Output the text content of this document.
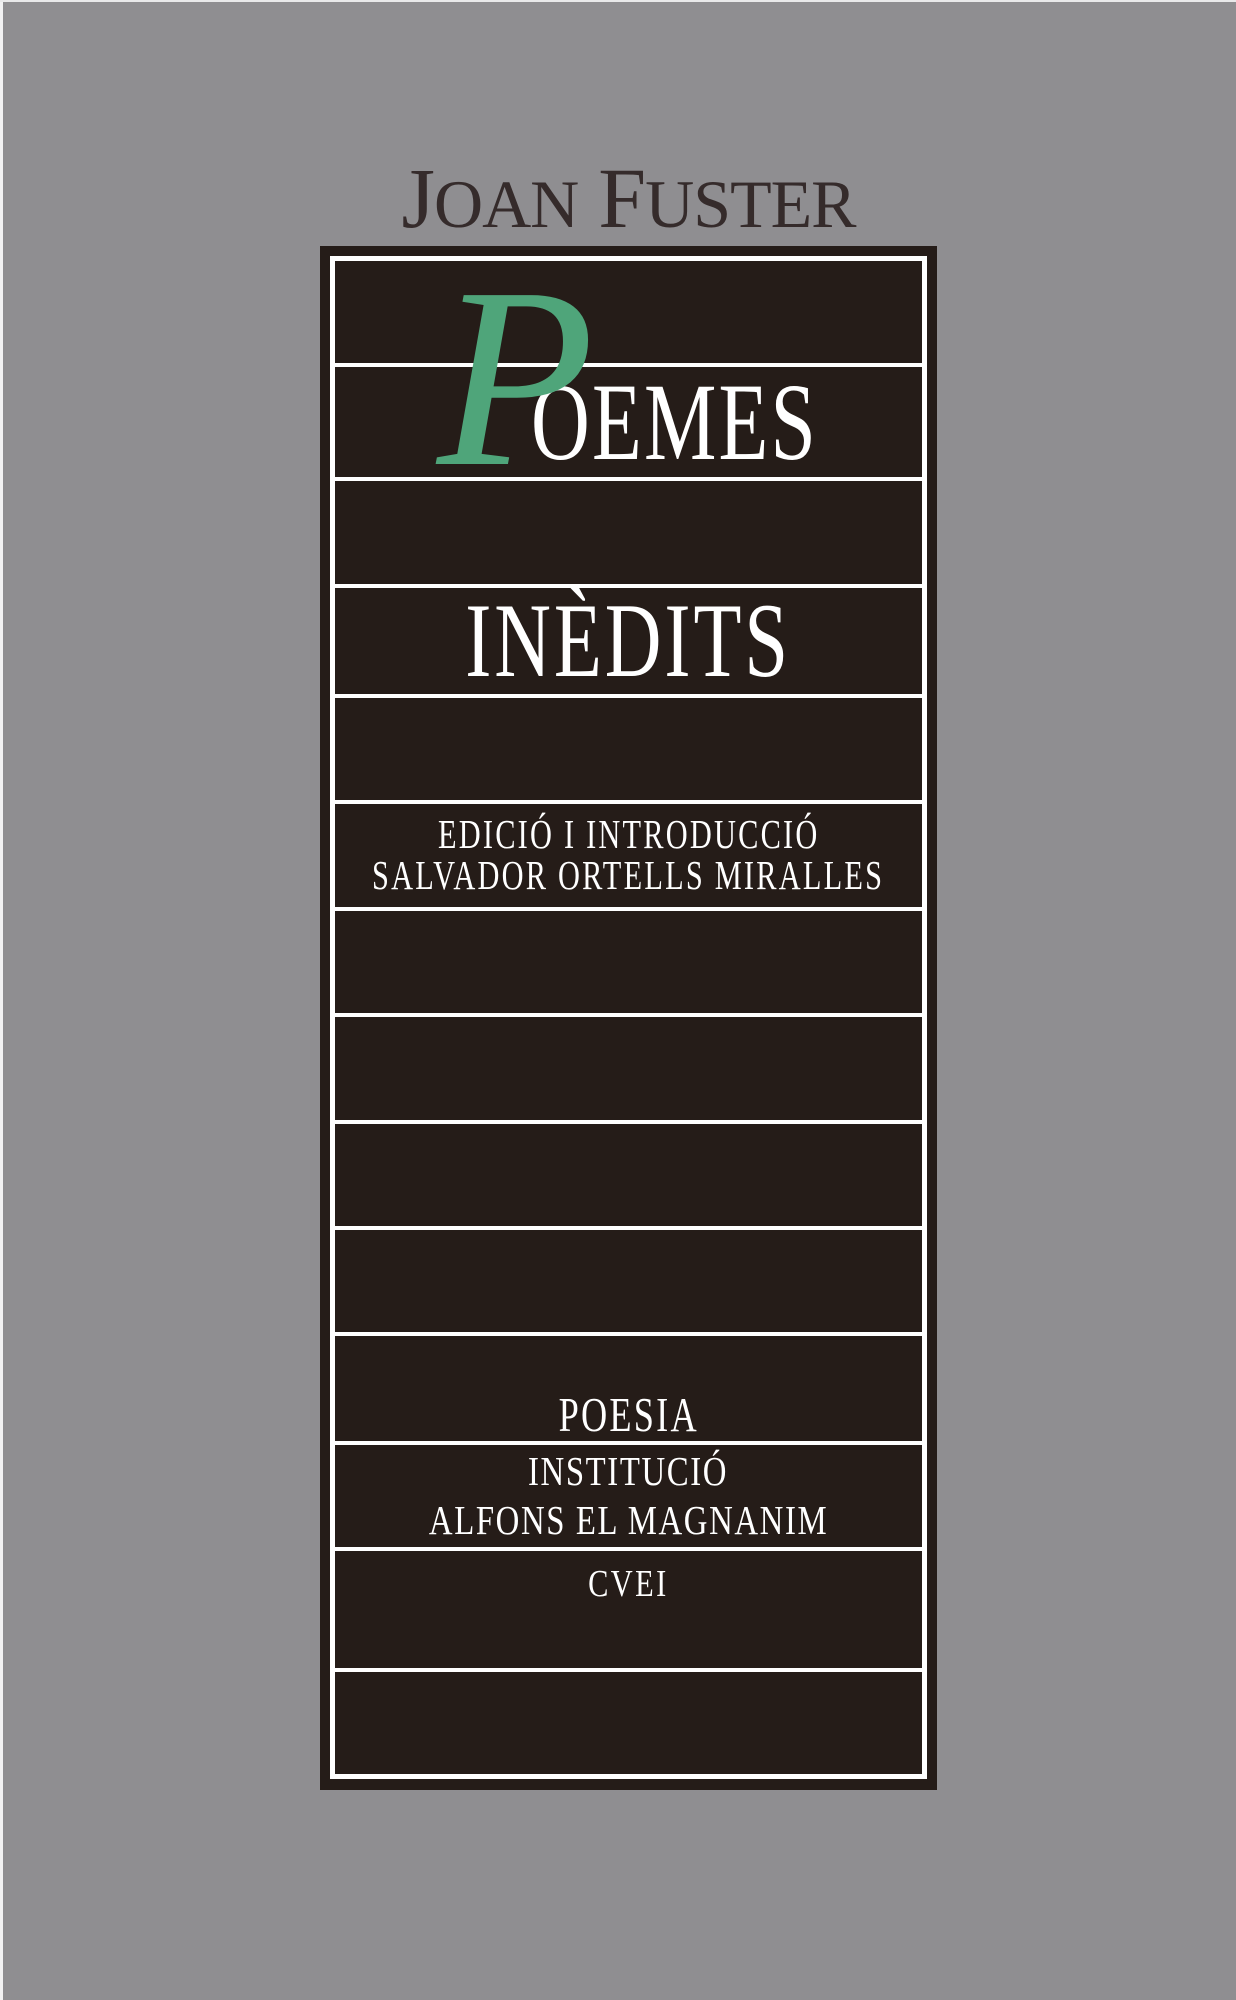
JOAN FUSTER
OEMES
INÈDITS
EDICIÓ I INTRODUCCIÓ
SALVADOR ORTELLS MIRALLES
POESIA
INSTITUCIÓ
ALFONS EL MAGNANIM
CVEI
P
